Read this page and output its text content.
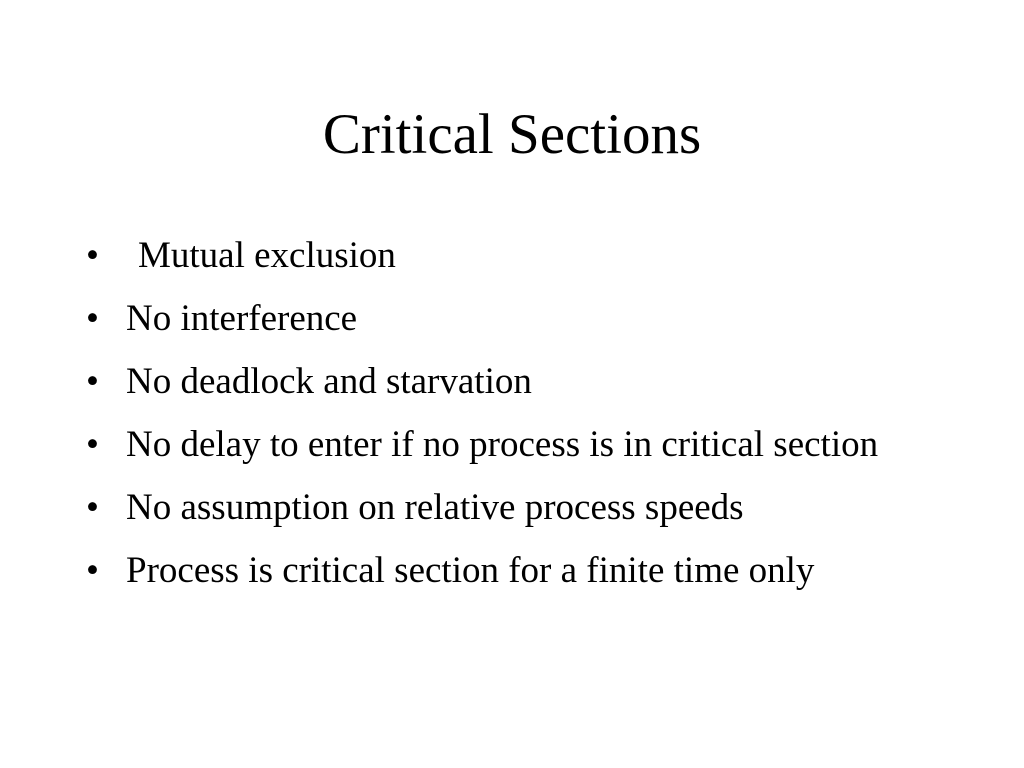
Critical Sections
• Mutual exclusion
• No interference
• No deadlock and starvation
• No delay to enter if no process is in critical section
• No assumption on relative process speeds
• Process is critical section for a finite time only
